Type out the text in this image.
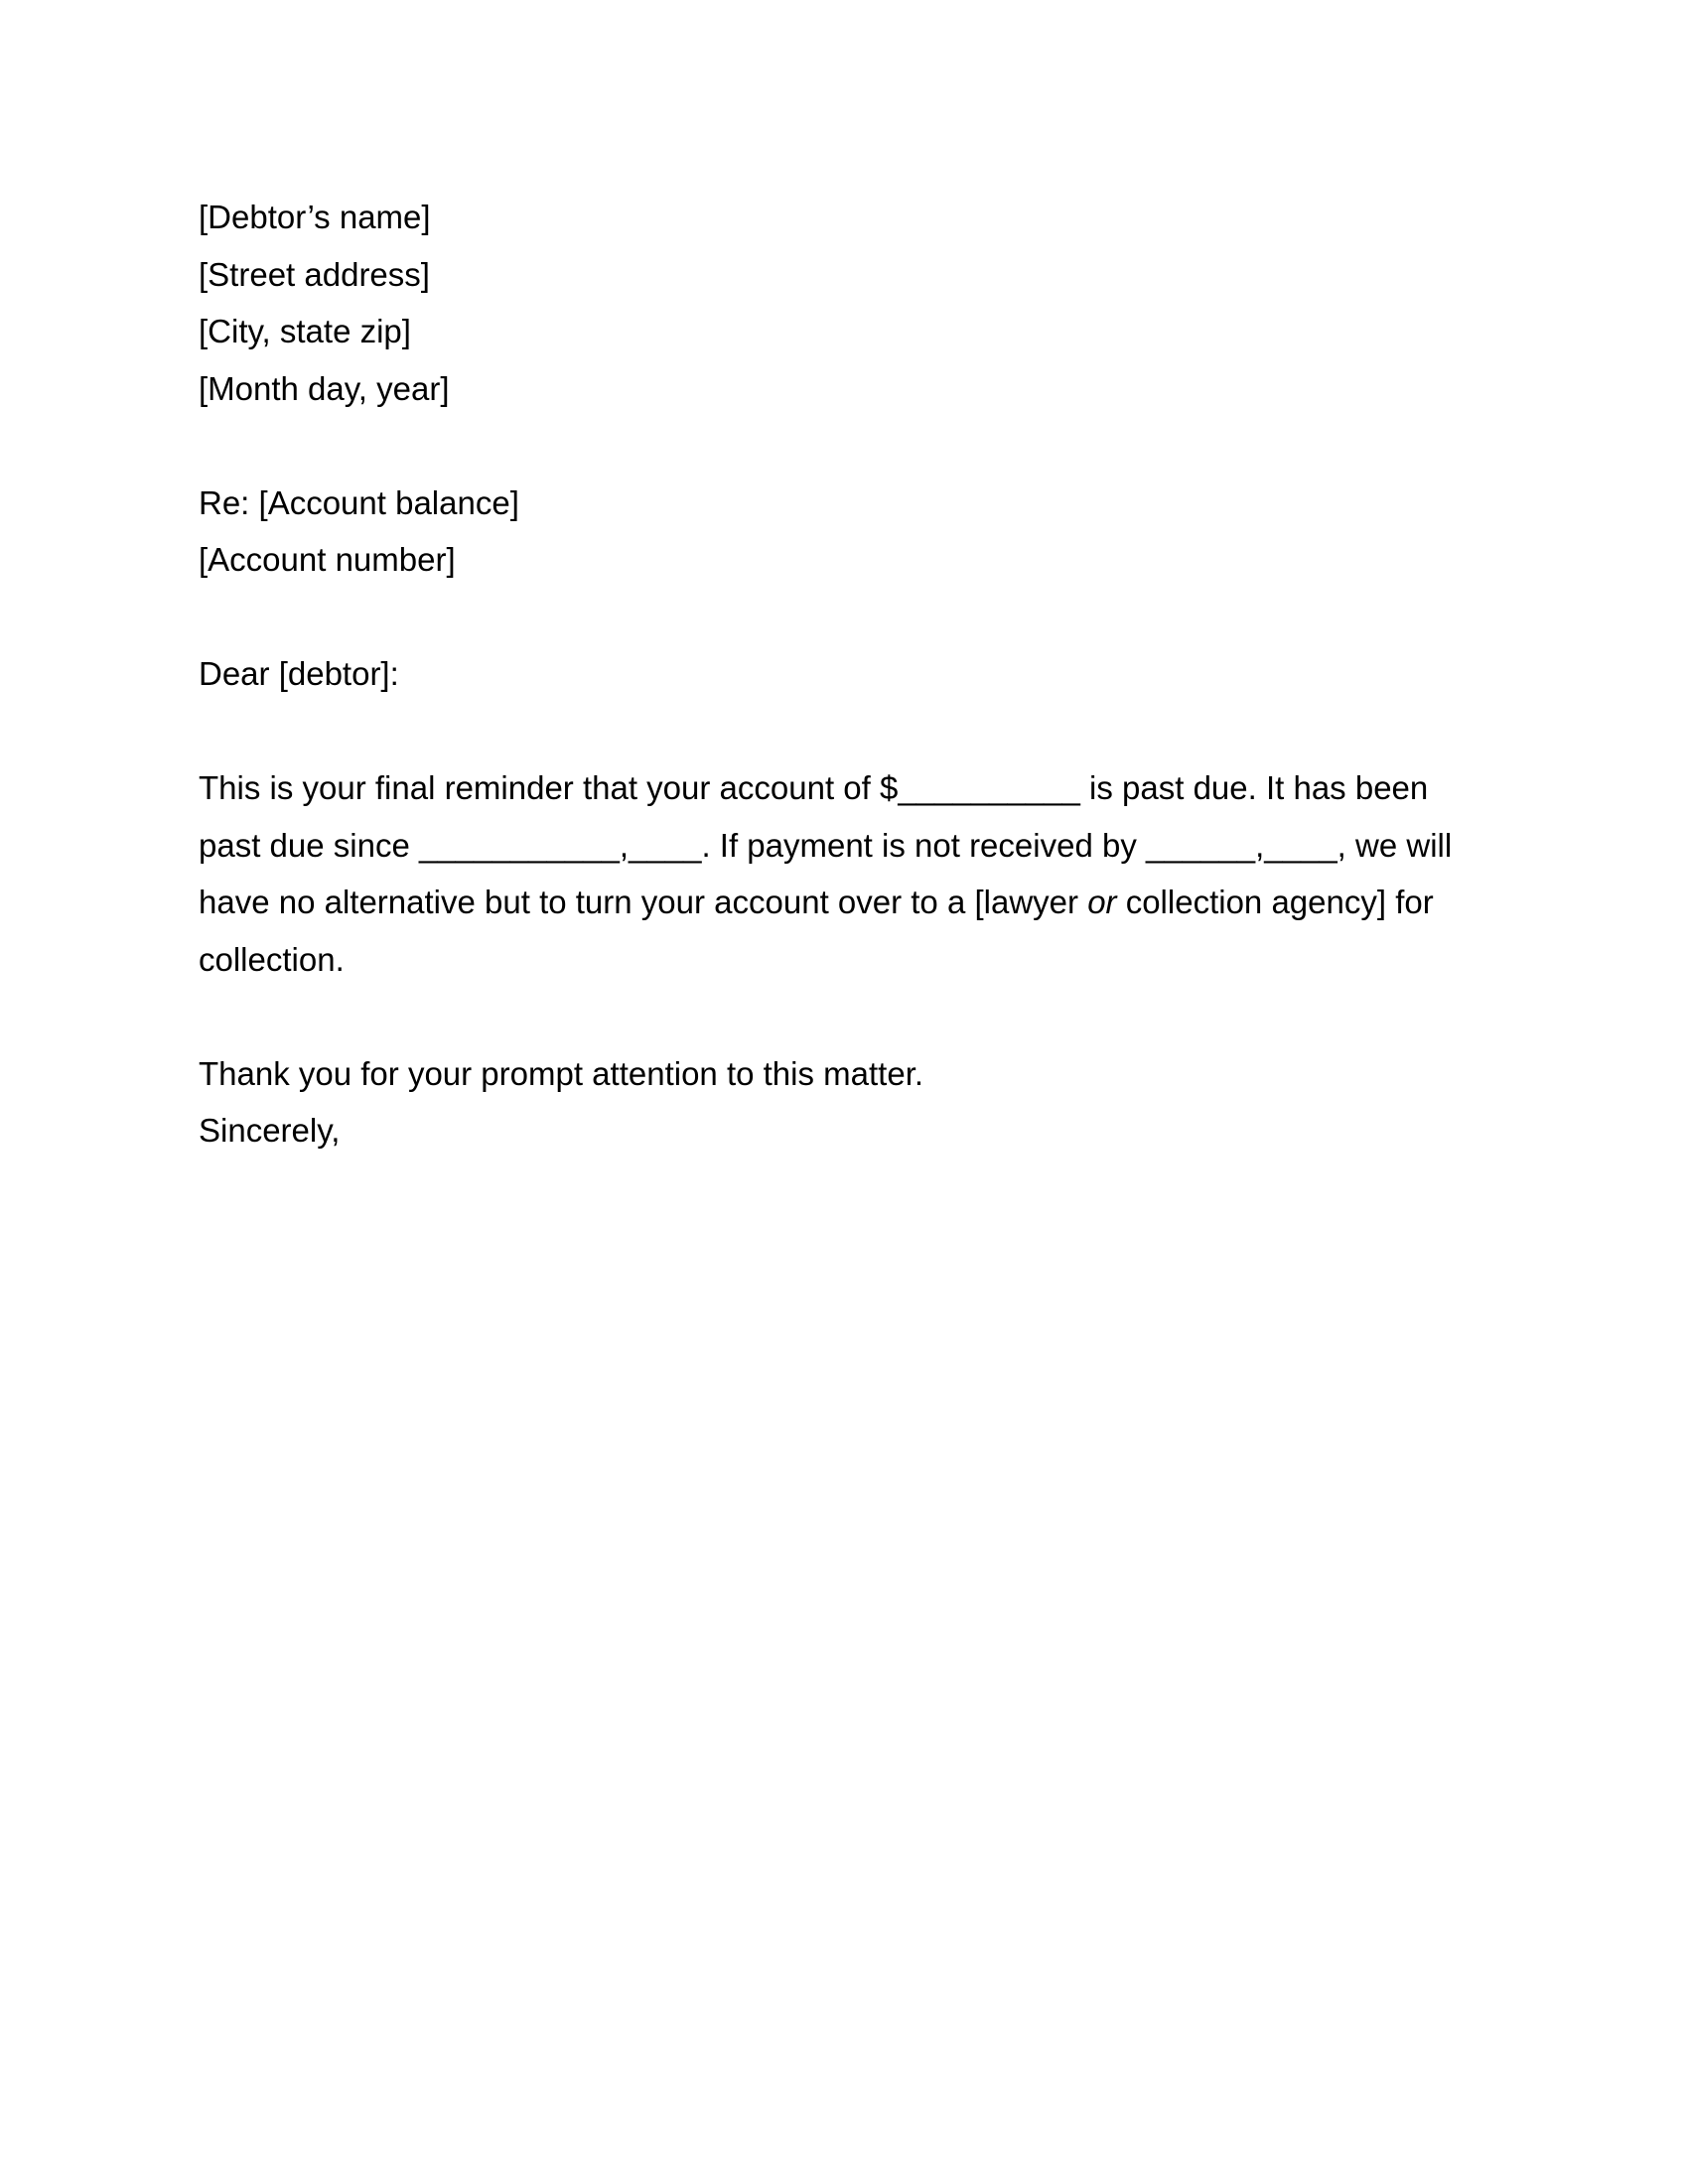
[Debtor’s name]
[Street address]
[City, state zip]
[Month day, year]
Re: [Account balance]
[Account number]
Dear [debtor]:
This is your final reminder that your account of $__________ is past due. It has been
past due since ___________,____. If payment is not received by ______,____, we will
have no alternative but to turn your account over to a [lawyer or collection agency] for
collection.
Thank you for your prompt attention to this matter.
Sincerely,
